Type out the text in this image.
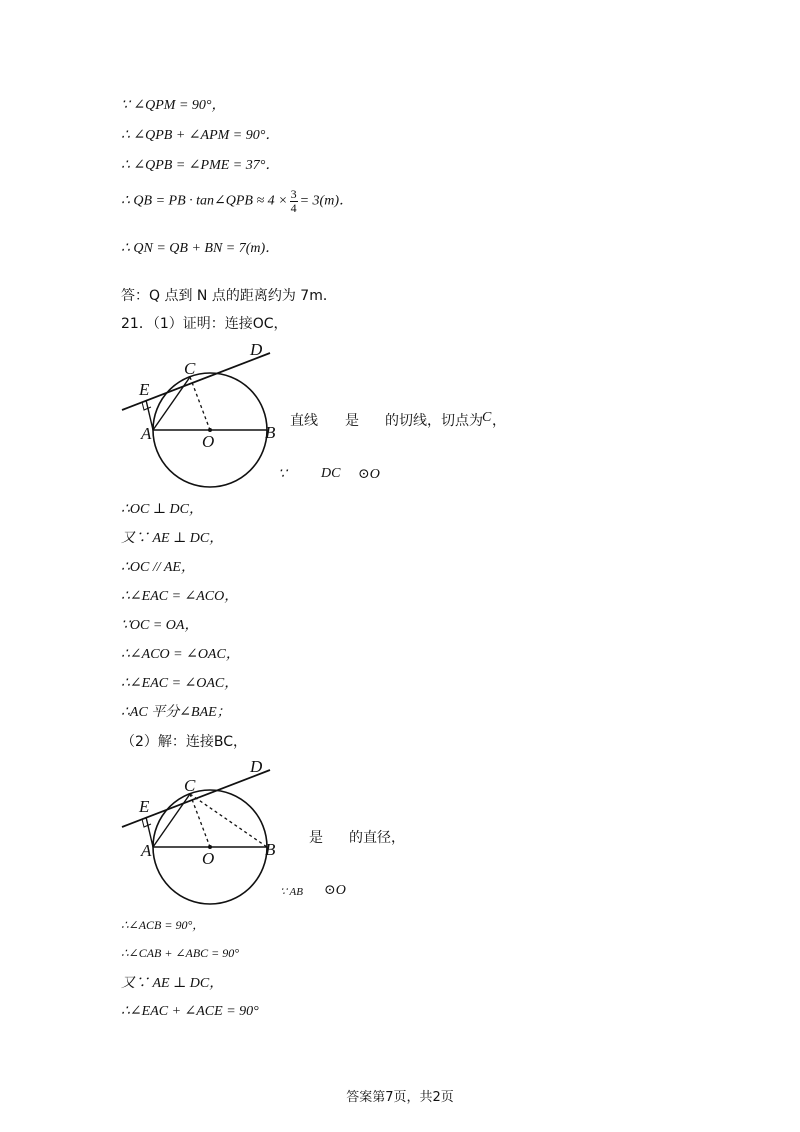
∵ ∠QPM = 90°，
∴ ∠QPB + ∠APM = 90°．
∴ ∠QPB = ∠PME = 37°．
∴ QB = PB · tan∠QPB ≈ $4 \times \frac{3}{4} = 3(m)$．
∴ QN = QB + BN = 7(m)．
答：Q 点到 N 点的距离约为 7m．
21．（1）证明：连接OC，
D
C
E
A	O	B
直线 是 的切线，切点为 C ，
∵ DC ⊙O
∴OC ⊥ DC，
又∵ AE ⊥ DC，
∴OC // AE，
∴∠EAC = ∠ACO，
∵OC = OA，
∴∠ACO = ∠OAC，
∴∠EAC = ∠OAC，
∴AC 平分∠BAE；
（2）解：连接BC，
D
C
E
A	O	B
是 的直径，
∵ AB ⊙O
∴∠ACB = 90°，
∴∠CAB + ∠ABC = 90°
又∵ AE ⊥ DC，
∴∠EAC + ∠ACE = 90°
答案第7页，共2页
